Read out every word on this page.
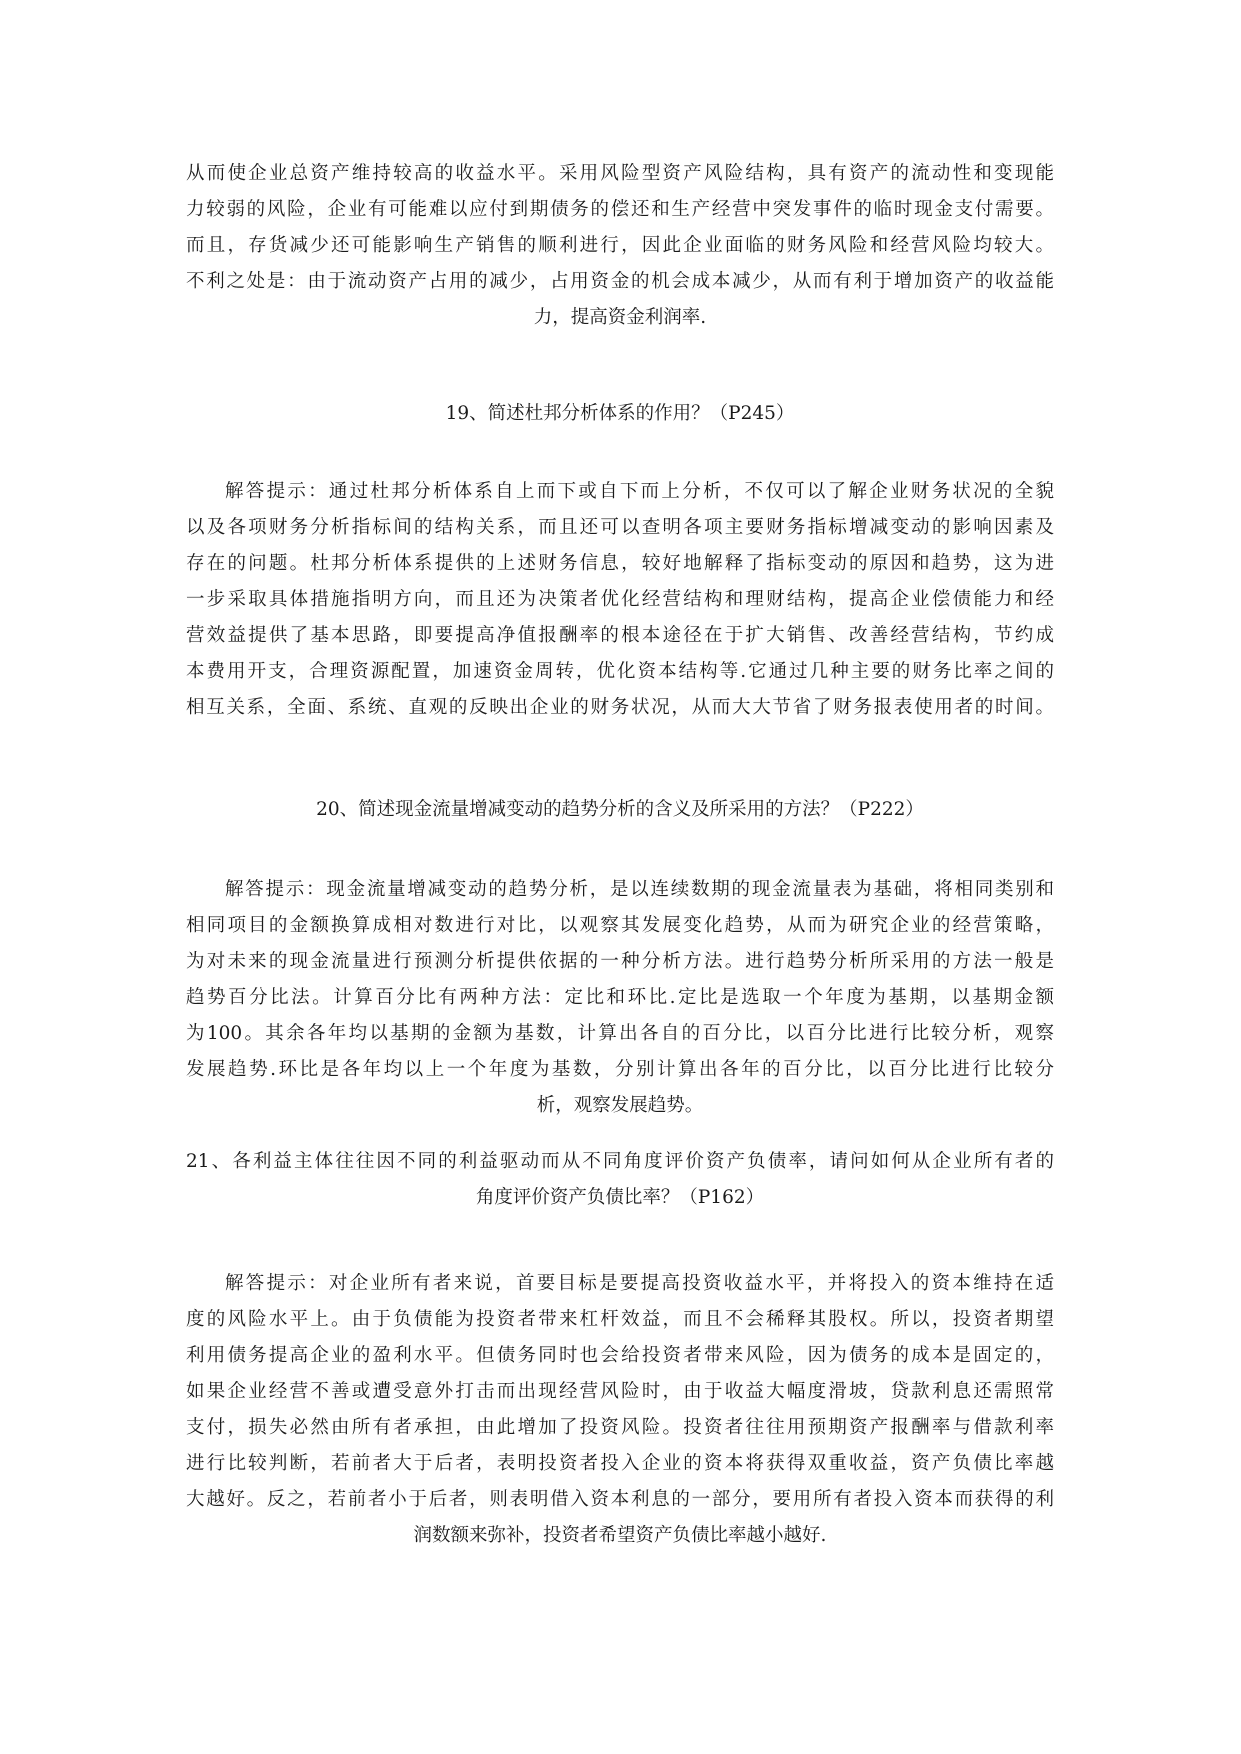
从而使企业总资产维持较高的收益水平。采用风险型资产风险结构，具有资产的流动性和变现能
力较弱的风险，企业有可能难以应付到期债务的偿还和生产经营中突发事件的临时现金支付需要。
而且，存货减少还可能影响生产销售的顺利进行，因此企业面临的财务风险和经营风险均较大。
不利之处是：由于流动资产占用的减少，占用资金的机会成本减少，从而有利于增加资产的收益能
力，提高资金利润率.
19、简述杜邦分析体系的作用？（P245）
解答提示：通过杜邦分析体系自上而下或自下而上分析，不仅可以了解企业财务状况的全貌
以及各项财务分析指标间的结构关系，而且还可以查明各项主要财务指标增减变动的影响因素及
存在的问题。杜邦分析体系提供的上述财务信息，较好地解释了指标变动的原因和趋势，这为进
一步采取具体措施指明方向，而且还为决策者优化经营结构和理财结构，提高企业偿债能力和经
营效益提供了基本思路，即要提高净值报酬率的根本途径在于扩大销售、改善经营结构，节约成
本费用开支，合理资源配置，加速资金周转，优化资本结构等.它通过几种主要的财务比率之间的
相互关系，全面、系统、直观的反映出企业的财务状况，从而大大节省了财务报表使用者的时间。
20、简述现金流量增减变动的趋势分析的含义及所采用的方法？（P222）
解答提示：现金流量增减变动的趋势分析，是以连续数期的现金流量表为基础，将相同类别和
相同项目的金额换算成相对数进行对比，以观察其发展变化趋势，从而为研究企业的经营策略，
为对未来的现金流量进行预测分析提供依据的一种分析方法。进行趋势分析所采用的方法一般是
趋势百分比法。计算百分比有两种方法：定比和环比.定比是选取一个年度为基期，以基期金额
为100。其余各年均以基期的金额为基数，计算出各自的百分比，以百分比进行比较分析，观察
发展趋势.环比是各年均以上一个年度为基数，分别计算出各年的百分比，以百分比进行比较分
析，观察发展趋势。
21、各利益主体往往因不同的利益驱动而从不同角度评价资产负债率，请问如何从企业所有者的
角度评价资产负债比率？（P162）
解答提示：对企业所有者来说，首要目标是要提高投资收益水平，并将投入的资本维持在适
度的风险水平上。由于负债能为投资者带来杠杆效益，而且不会稀释其股权。所以，投资者期望
利用债务提高企业的盈利水平。但债务同时也会给投资者带来风险，因为债务的成本是固定的，
如果企业经营不善或遭受意外打击而出现经营风险时，由于收益大幅度滑坡，贷款利息还需照常
支付，损失必然由所有者承担，由此增加了投资风险。投资者往往用预期资产报酬率与借款利率
进行比较判断，若前者大于后者，表明投资者投入企业的资本将获得双重收益，资产负债比率越
大越好。反之，若前者小于后者，则表明借入资本利息的一部分，要用所有者投入资本而获得的利
润数额来弥补，投资者希望资产负债比率越小越好.
